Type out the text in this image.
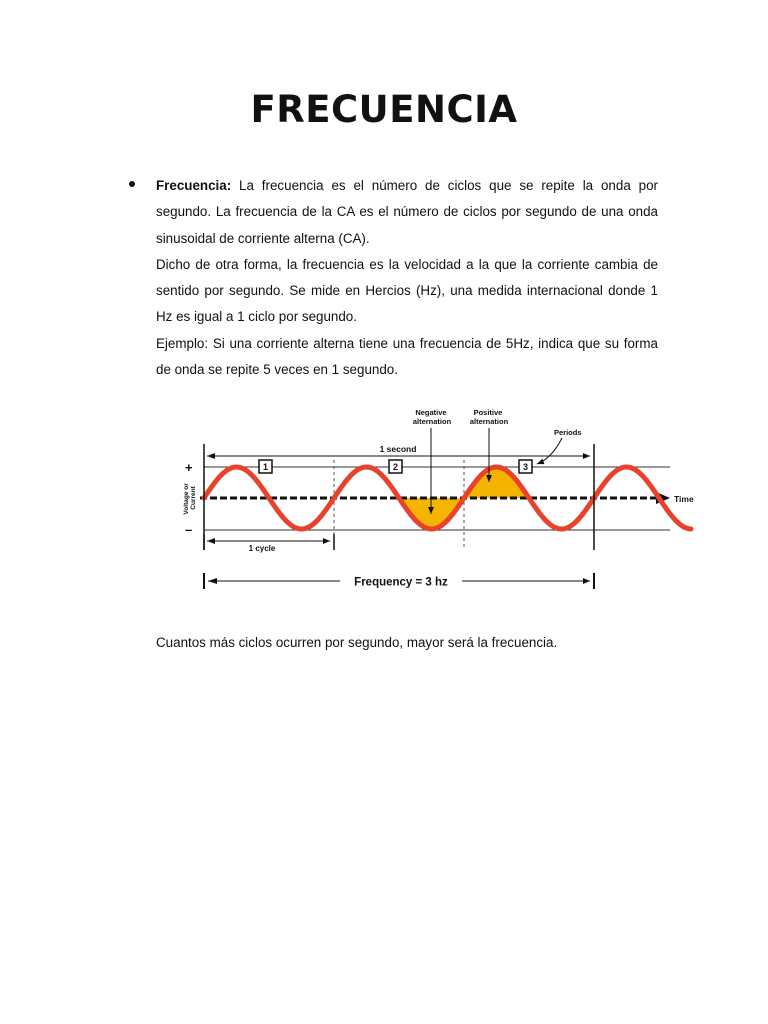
FRECUENCIA

Frecuencia: La frecuencia es el número de ciclos que se repite la onda por segundo. La frecuencia de la CA es el número de ciclos por segundo de una onda sinusoidal de corriente alterna (CA).

Dicho de otra forma, la frecuencia es la velocidad a la que la corriente cambia de sentido por segundo. Se mide en Hercios (Hz), una medida internacional donde 1 Hz es igual a 1 ciclo por segundo.

Ejemplo: Si una corriente alterna tiene una frecuencia de 5Hz, indica que su forma de onda se repite 5 veces en 1 segundo.

Time
1 second
1	2	3
Negative alternation
Positive alternation
Periods
+
–
Voltage or Current
1 cycle
Frequency = 3 hz

Cuantos más ciclos ocurren por segundo, mayor será la frecuencia.
